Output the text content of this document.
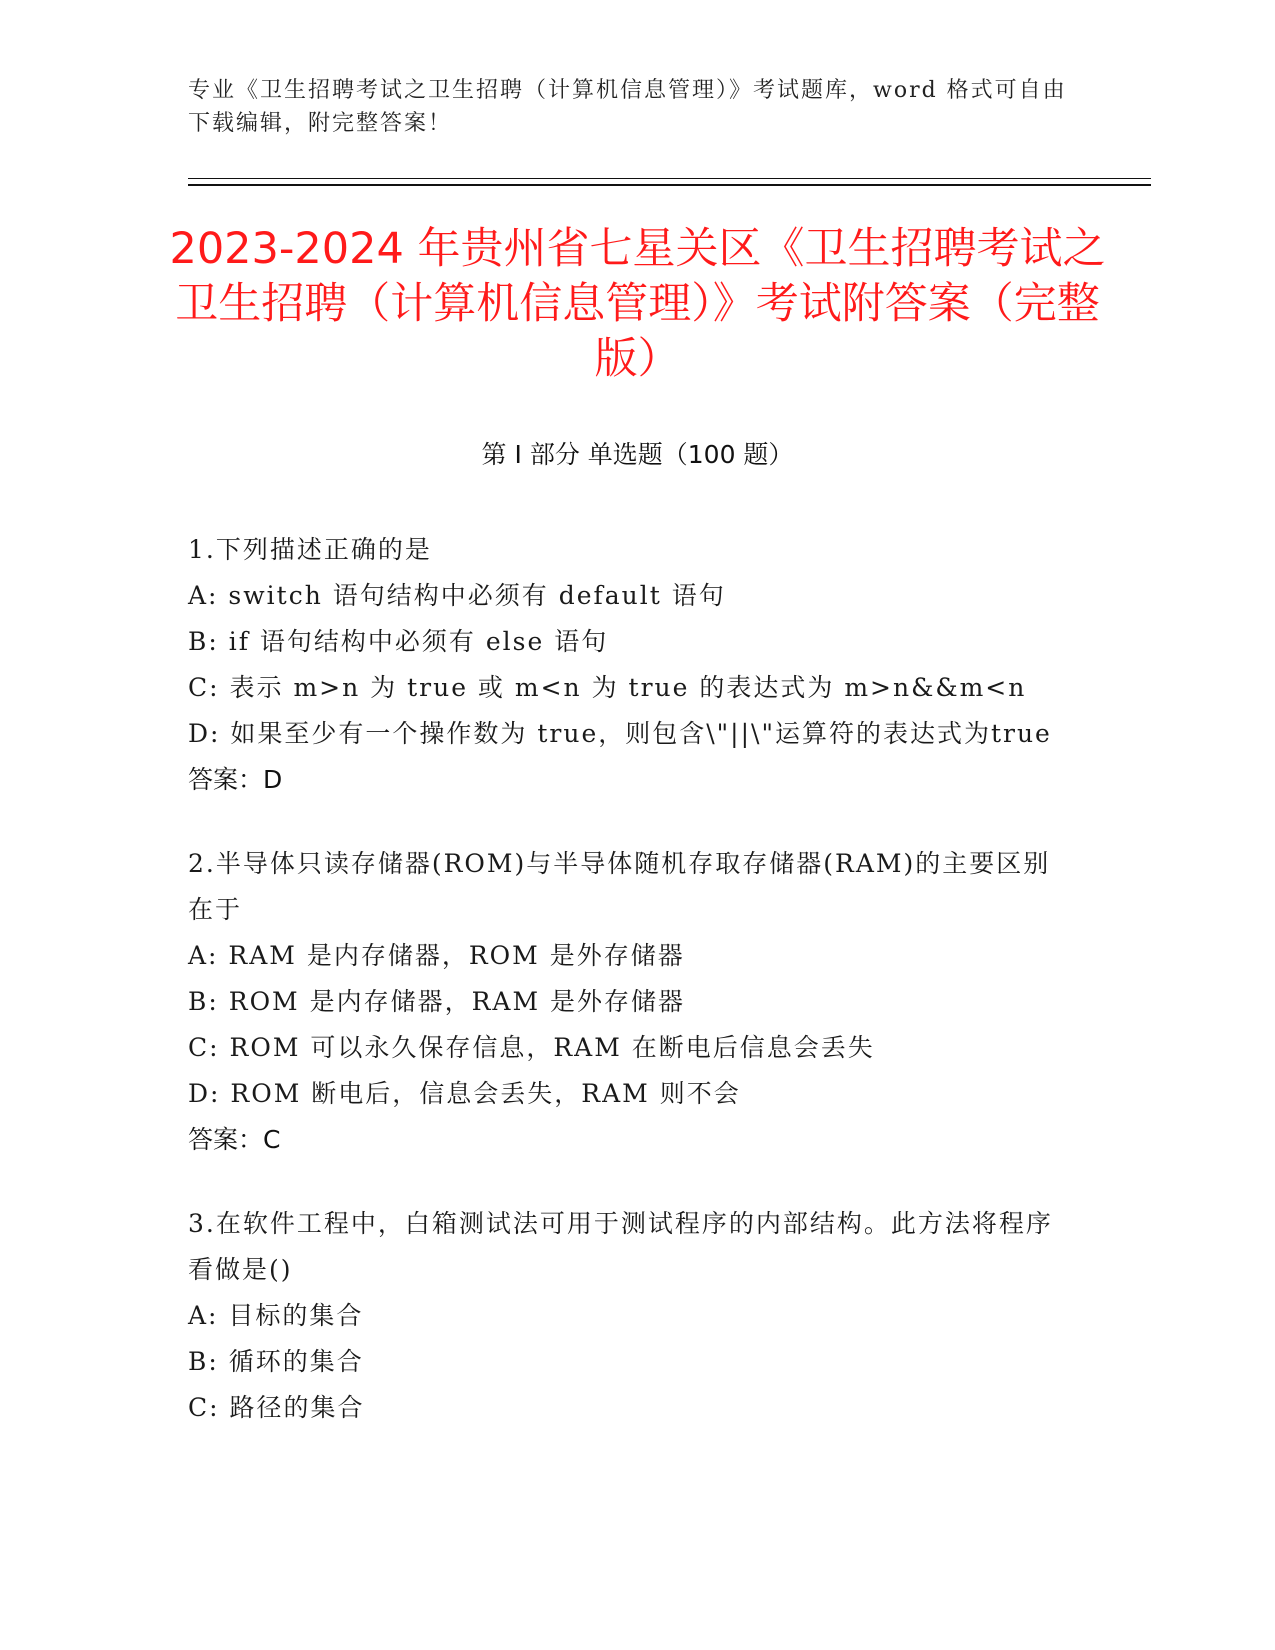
专业《卫生招聘考试之卫生招聘（计算机信息管理）》考试题库，word 格式可自由下载编辑，附完整答案！
2023-2024 年贵州省七星关区《卫生招聘考试之卫生招聘（计算机信息管理）》考试附答案（完整版）
第 I 部分 单选题（100 题）
1.下列描述正确的是
A: switch 语句结构中必须有 default 语句
B: if 语句结构中必须有 else 语句
C: 表示 m>n 为 true 或 m<n 为 true 的表达式为 m>n&&m<n
D: 如果至少有一个操作数为 true，则包含\"||\"运算符的表达式为true
答案：D
2.半导体只读存储器(ROM)与半导体随机存取存储器(RAM)的主要区别在于
A: RAM 是内存储器，ROM 是外存储器
B: ROM 是内存储器，RAM 是外存储器
C: ROM 可以永久保存信息，RAM 在断电后信息会丢失
D: ROM 断电后，信息会丢失，RAM 则不会
答案：C
3.在软件工程中，白箱测试法可用于测试程序的内部结构。此方法将程序看做是()
A: 目标的集合
B: 循环的集合
C: 路径的集合
